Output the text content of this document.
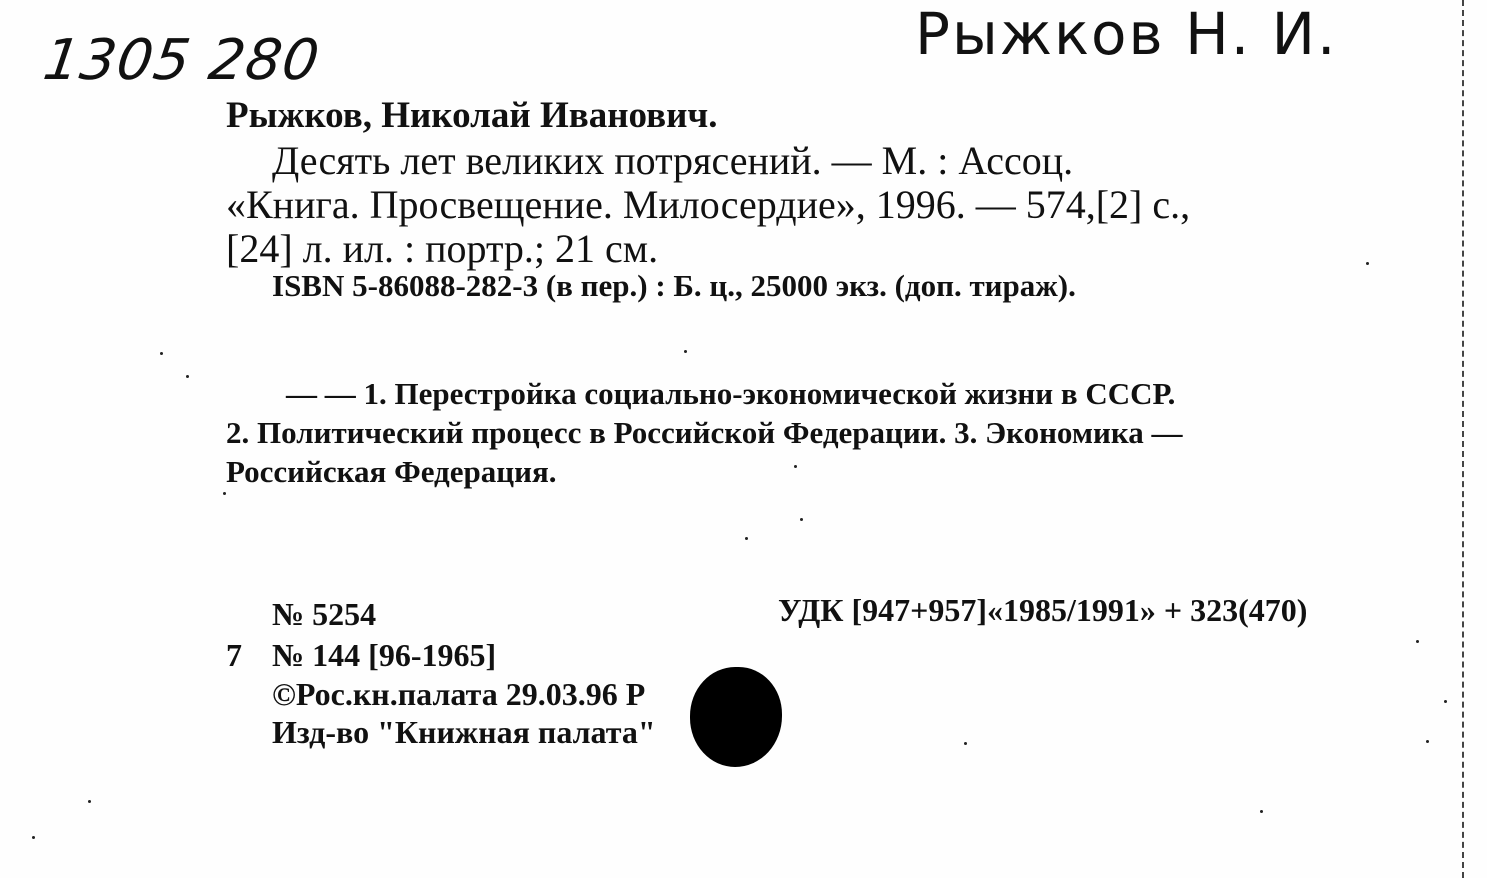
1305 280	Рыжков Н. И.
Рыжков, Николай Иванович.
Десять лет великих потрясений. — М. : Ассоц.
«Книга. Просвещение. Милосердие», 1996. — 574,[2] с.,
[24] л. ил. : портр.; 21 см.
ISBN 5-86088-282-3 (в пер.) : Б. ц., 25000 экз. (доп. тираж).
— — 1. Перестройка социально-экономической жизни в СССР.
2. Политический процесс в Российской Федерации. 3. Экономика —
Российская Федерация.
№ 5254	УДК [947+957]«1985/1991» + 323(470)
7 № 144 [96-1965]
©Рос.кн.палата 29.03.96 Р
Изд-во "Книжная палата"
